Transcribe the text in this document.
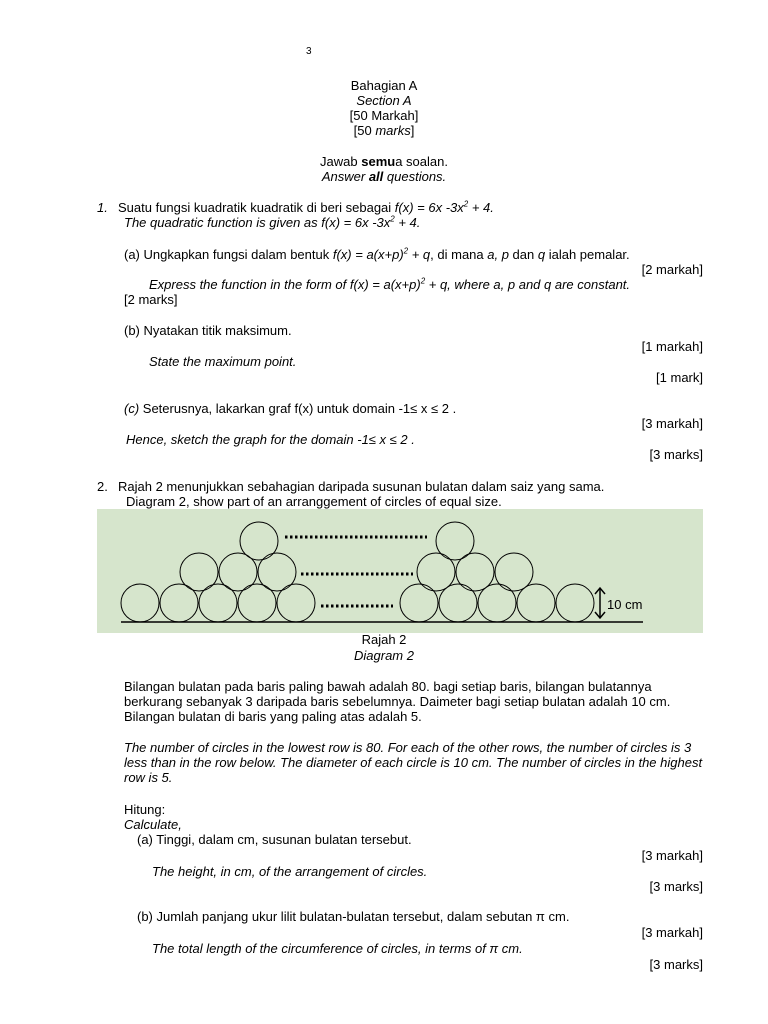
3
Bahagian A
Section A
[50 Markah]
[50 marks]
Jawab semua soalan.
Answer all questions.
1. Suatu fungsi kuadratik kuadratik di beri sebagai f(x) = 6x $-3x^2 + 4$.
The quadratic function is given as f(x) = 6x $-3x^2 + 4$.
(a) Ungkapkan fungsi dalam bentuk $f(x) = a(x+p)^2 + q$, di mana a, p dan q ialah pemalar.
[2 markah]
Express the function in the form of $f(x) = a(x+p)^2 + q$, where a, p and q are constant.
[2 marks]
(b) Nyatakan titik maksimum.
[1 markah]
State the maximum point.
[1 mark]
(c) Seterusnya, lakarkan graf f(x) untuk domain -1≤ x ≤ 2 .
[3 markah]
Hence, sketch the graph for the domain -1≤ x ≤ 2 .
[3 marks]
2. Rajah 2 menunjukkan sebahagian daripada susunan bulatan dalam saiz yang sama.
Diagram 2, show part of an arranggement of circles of equal size.
10 cm
Rajah 2
Diagram 2
Bilangan bulatan pada baris paling bawah adalah 80. bagi setiap baris, bilangan bulatannya berkurang sebanyak 3 daripada baris sebelumnya. Daimeter bagi setiap bulatan adalah 10 cm. Bilangan bulatan di baris yang paling atas adalah 5.
The number of circles in the lowest row is 80. For each of the other rows, the number of circles is 3 less than in the row below. The diameter of each circle is 10 cm. The number of circles in the highest row is 5.
Hitung:
Calculate,
(a) Tinggi, dalam cm, susunan bulatan tersebut.
[3 markah]
The height, in cm, of the arrangement of circles.
[3 marks]
(b) Jumlah panjang ukur lilit bulatan-bulatan tersebut, dalam sebutan π cm.
[3 markah]
The total length of the circumference of circles, in terms of π cm.
[3 marks]
